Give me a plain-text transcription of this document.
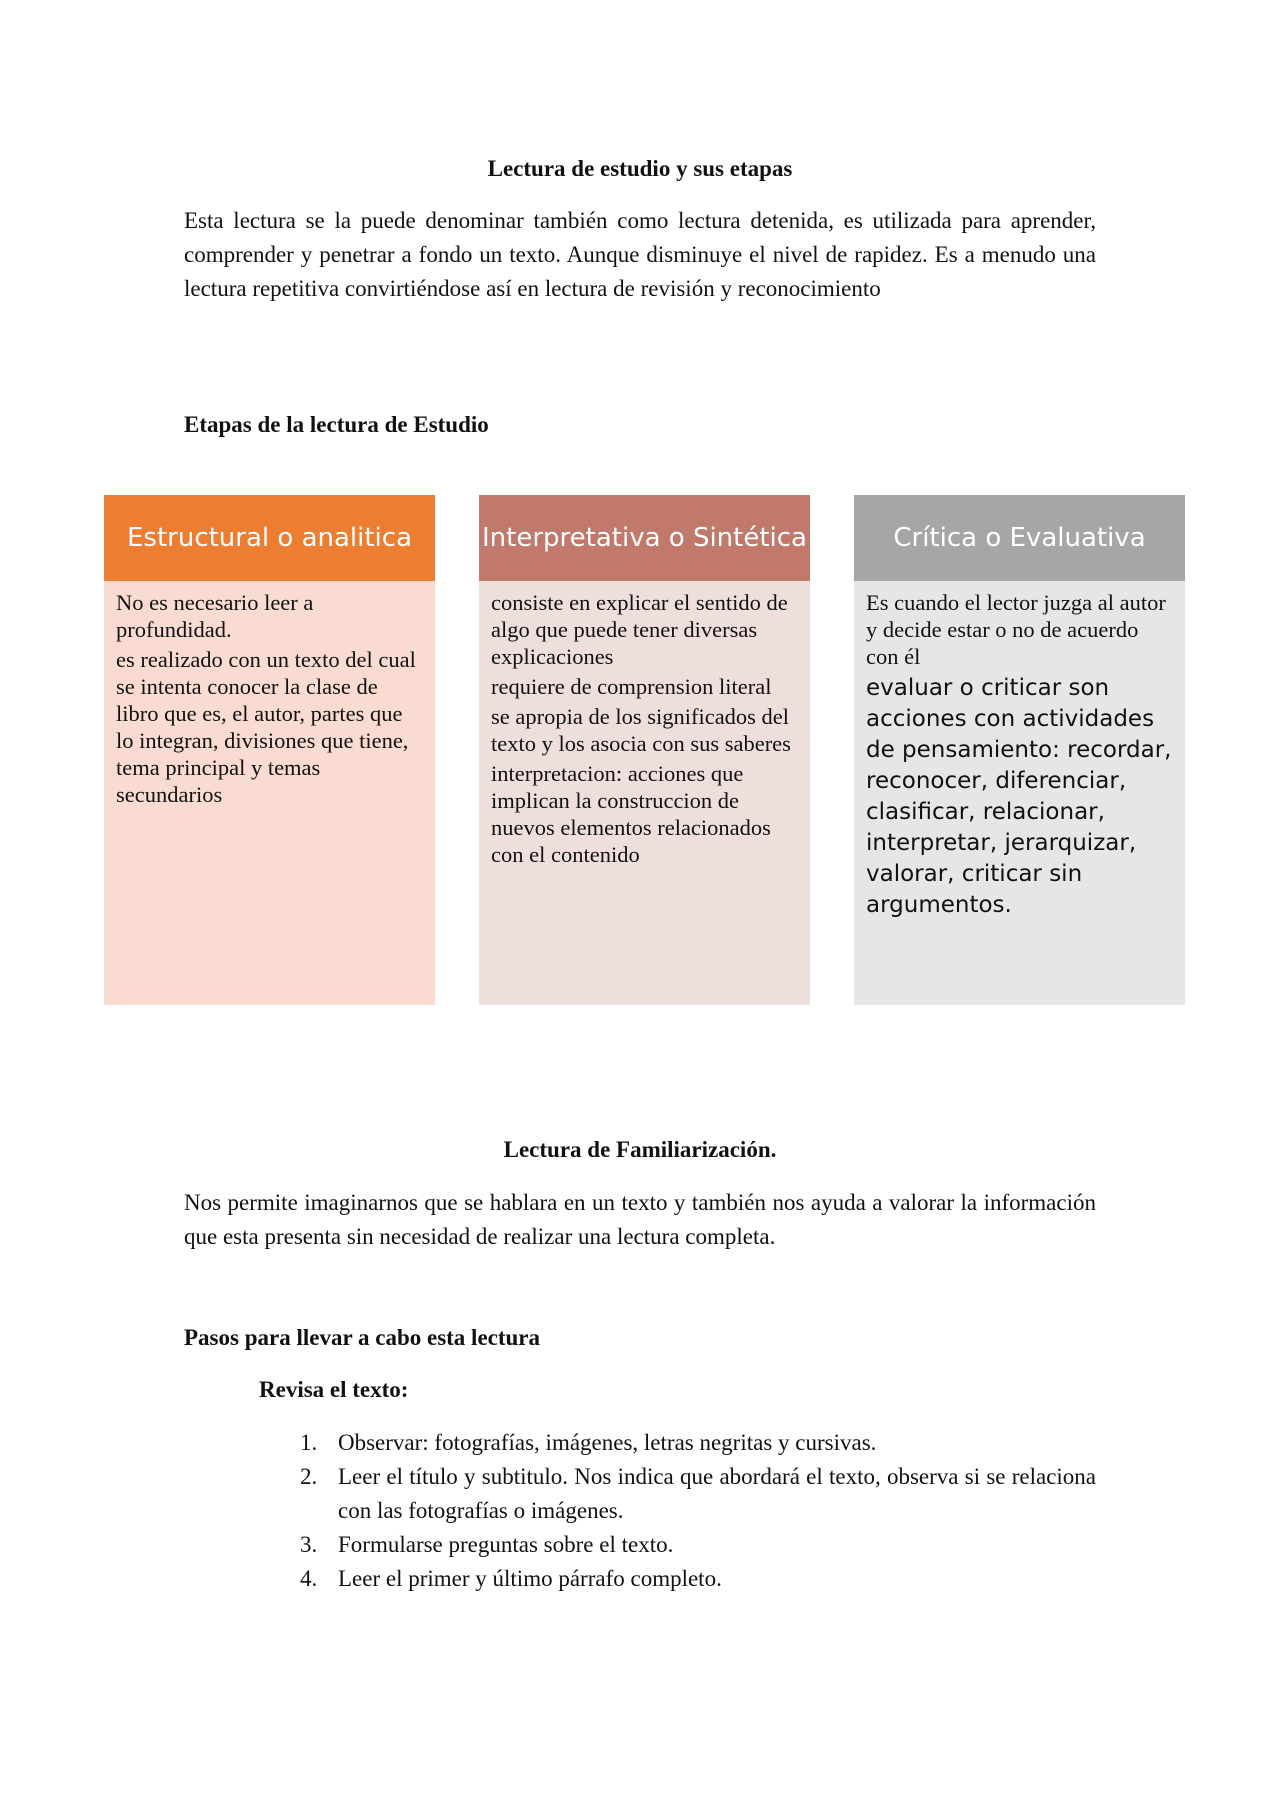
Lectura de estudio y sus etapas

Esta lectura se la puede denominar también como lectura detenida, es utilizada para aprender, comprender y penetrar a fondo un texto. Aunque disminuye el nivel de rapidez. Es a menudo una lectura repetitiva convirtiéndose así en lectura de revisión y reconocimiento

Etapas de la lectura de Estudio
Estructural o analitica

No es necesario leer a profundidad.

es realizado con un texto del cual se intenta conocer la clase de libro que es, el autor, partes que lo integran, divisiones que tiene, tema principal y temas secundarios

Interpretativa o Sintética

consiste en explicar el sentido de algo que puede tener diversas explicaciones

requiere de comprension literal

se apropia de los significados del texto y los asocia con sus saberes

interpretacion: acciones que implican la construccion de nuevos elementos relacionados con el contenido

Crítica o Evaluativa

Es cuando el lector juzga al autor y decide estar o no de acuerdo con él

evaluar o criticar son acciones con actividades de pensamiento: recordar, reconocer, diferenciar, clasificar, relacionar, interpretar, jerarquizar, valorar, criticar sin argumentos.

Lectura de Familiarización.

Nos permite imaginarnos que se hablara en un texto y también nos ayuda a valorar la información que esta presenta sin necesidad de realizar una lectura completa.

Pasos para llevar a cabo esta lectura
Revisa el texto:
1. Observar: fotografías, imágenes, letras negritas y cursivas.
2. Leer el título y subtitulo. Nos indica que abordará el texto, observa si se relaciona con las fotografías o imágenes.
3. Formularse preguntas sobre el texto.
4. Leer el primer y último párrafo completo.
